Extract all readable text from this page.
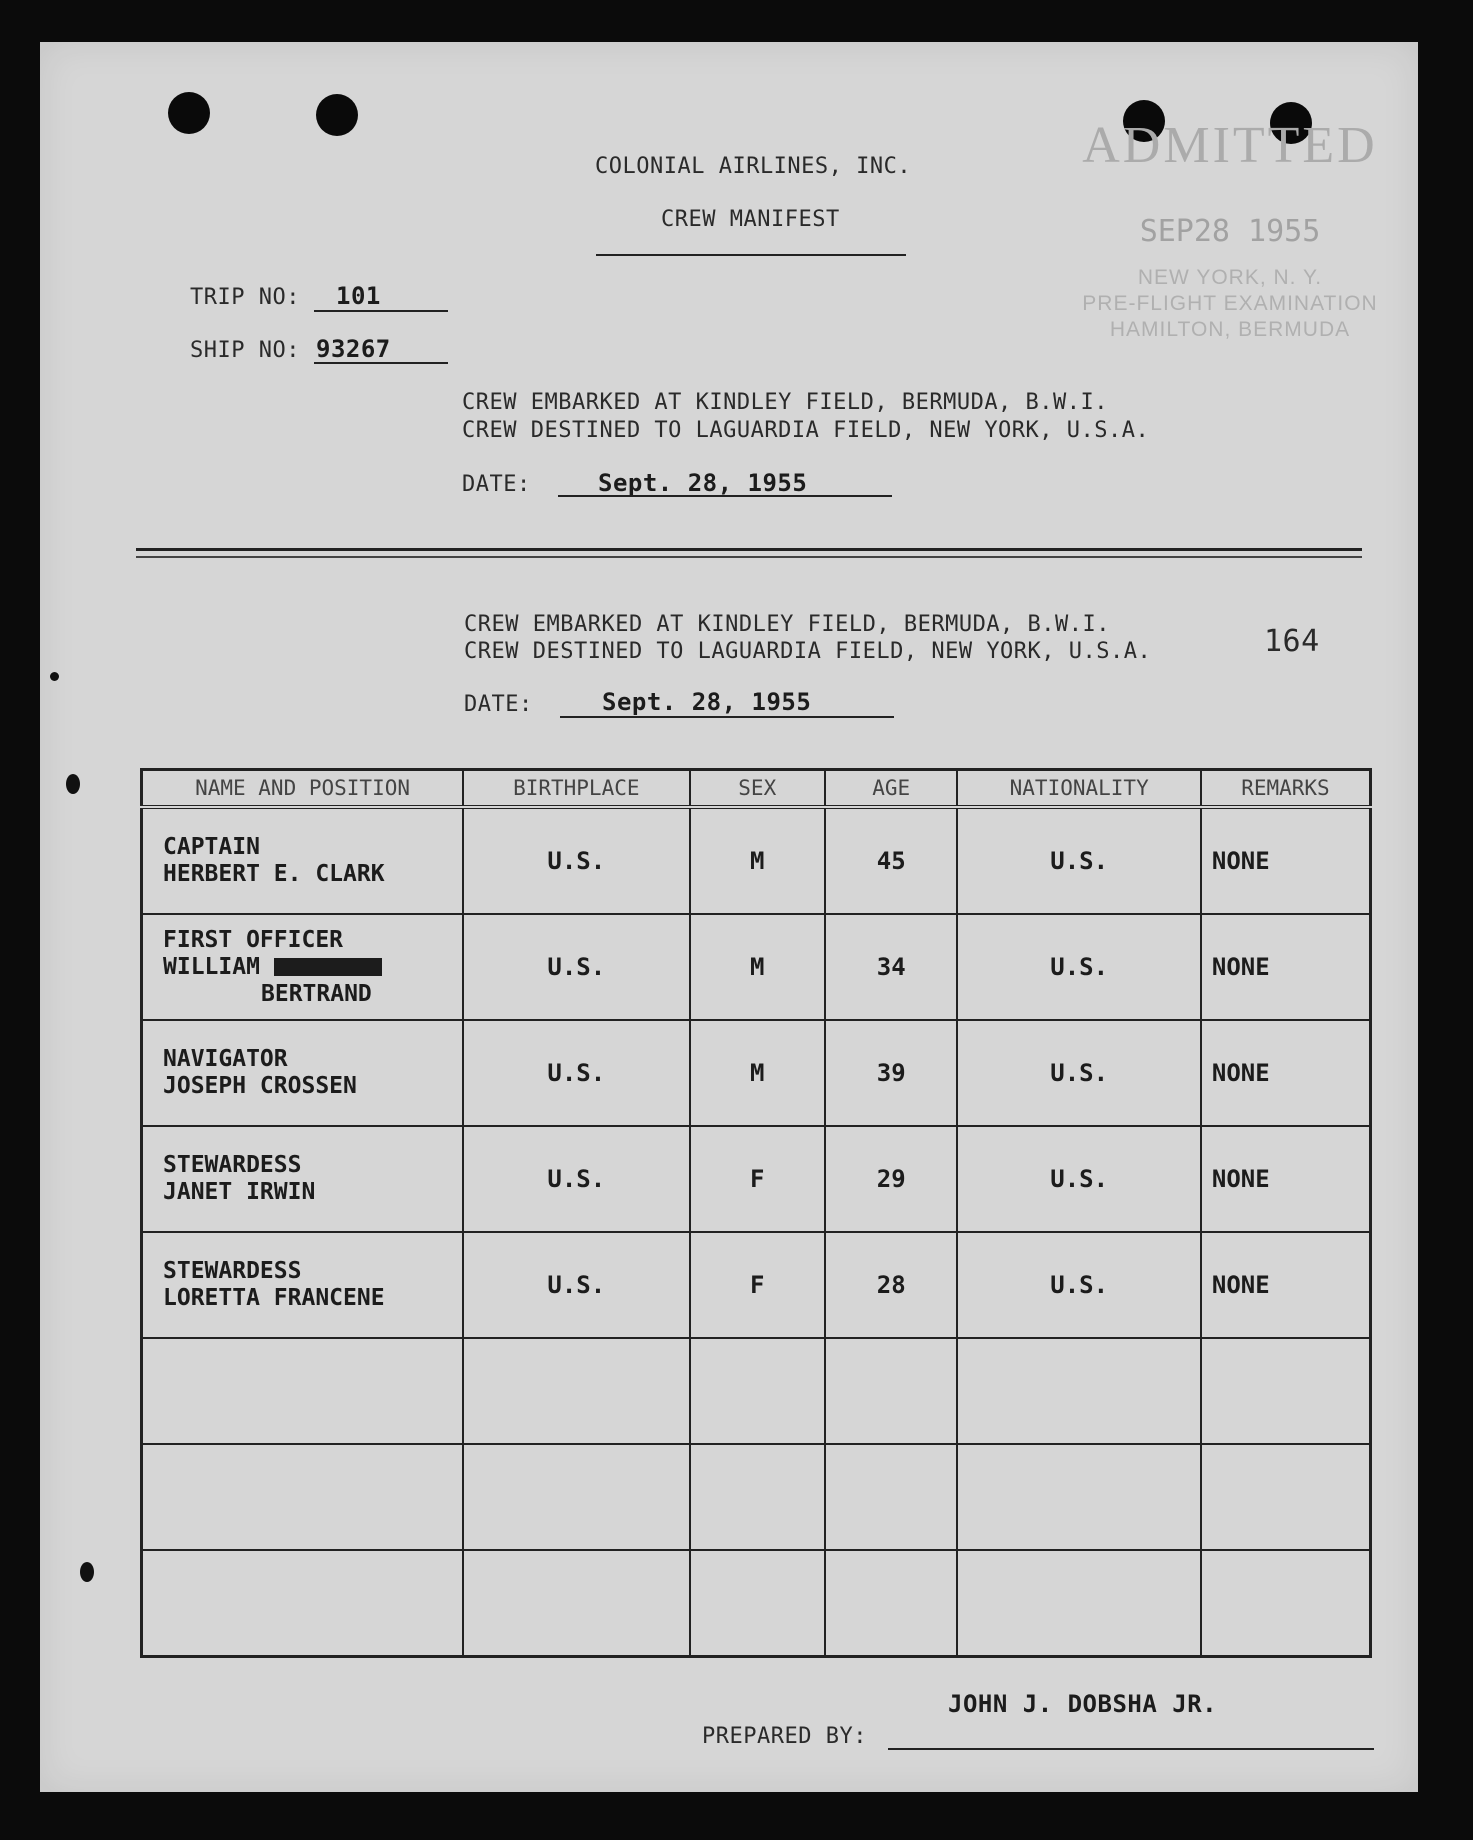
COLONIAL AIRLINES, INC.
CREW MANIFEST
ADMITTED
SEP28 1955
NEW YORK, N. Y.
PRE-FLIGHT EXAMINATION
HAMILTON, BERMUDA
TRIP NO: 101
SHIP NO: 93267
CREW EMBARKED AT KINDLEY FIELD, BERMUDA, B.W.I.
CREW DESTINED TO LAGUARDIA FIELD, NEW YORK, U.S.A.
DATE:	Sept. 28, 1955
CREW EMBARKED AT KINDLEY FIELD, BERMUDA, B.W.I.
CREW DESTINED TO LAGUARDIA FIELD, NEW YORK, U.S.A.	164
DATE:	Sept. 28, 1955
NAME AND POSITION	BIRTHPLACE	SEX	AGE	NATIONALITY	REMARKS

CAPTAIN
HERBERT E. CLARK	U.S.	M	45	U.S.	NONE

FIRST OFFICER
WILLIAM
BERTRAND	U.S.	M	34	U.S.	NONE

NAVIGATOR
JOSEPH CROSSEN	U.S.	M	39	U.S.	NONE

STEWARDESS
JANET IRWIN	U.S.	F	29	U.S.	NONE

STEWARDESS
LORETTA FRANCENE	U.S.	F	28	U.S.	NONE

JOHN J. DOBSHA JR.
PREPARED BY:
